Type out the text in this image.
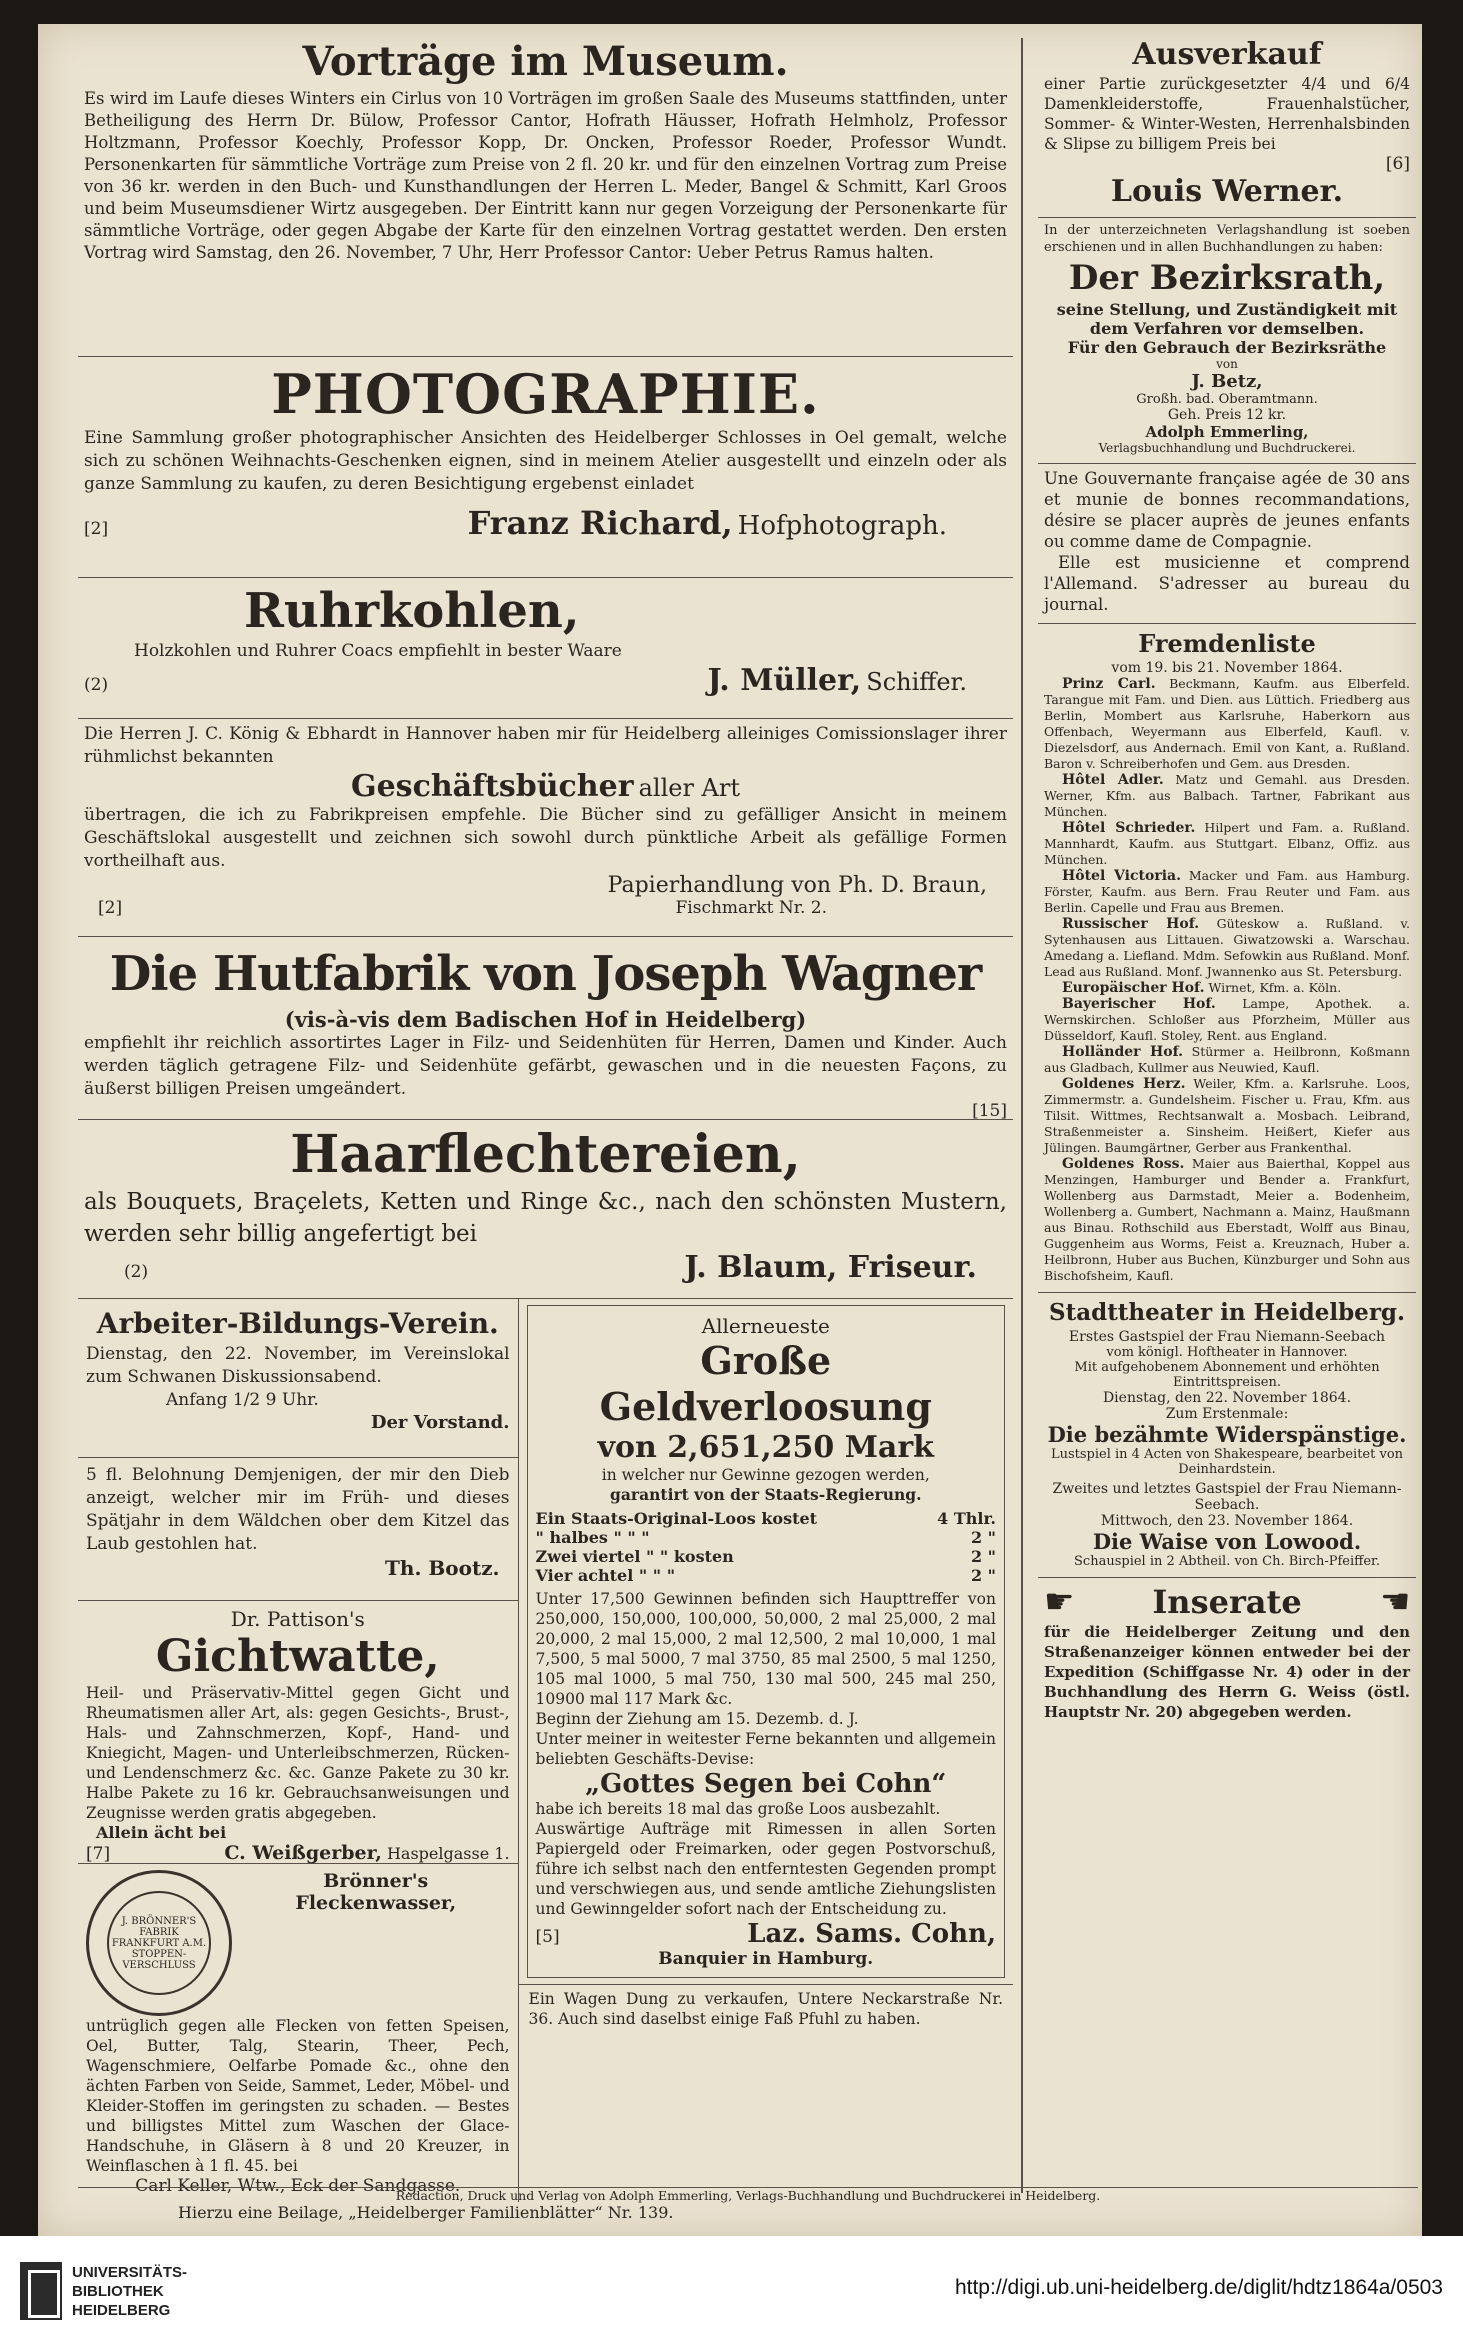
Vorträge im Museum.

Es wird im Laufe dieses Winters ein Cirlus von 10 Vorträgen im großen Saale des Museums stattfinden, unter Betheiligung des Herrn Dr. Bülow, Professor Cantor, Hofrath Häusser, Hofrath Helmholz, Professor Holtzmann, Professor Koechly, Professor Kopp, Dr. Oncken, Professor Roeder, Professor Wundt. Personenkarten für sämmtliche Vorträge zum Preise von 2 fl. 20 kr. und für den einzelnen Vortrag zum Preise von 36 kr. werden in den Buch- und Kunsthandlungen der Herren L. Meder, Bangel & Schmitt, Karl Groos und beim Museumsdiener Wirtz ausgegeben. Der Eintritt kann nur gegen Vorzeigung der Personenkarte für sämmtliche Vorträge, oder gegen Abgabe der Karte für den einzelnen Vortrag gestattet werden. Den ersten Vortrag wird Samstag, den 26. November, 7 Uhr, Herr Professor Cantor: Ueber Petrus Ramus halten.

PHOTOGRAPHIE.

Eine Sammlung großer photographischer Ansichten des Heidelberger Schlosses in Oel gemalt, welche sich zu schönen Weihnachts-Geschenken eignen, sind in meinem Atelier ausgestellt und einzeln oder als ganze Sammlung zu kaufen, zu deren Besichtigung ergebenst einladet

[2]	Franz Richard, Hofphotograph.
Ruhrkohlen,

Holzkohlen und Ruhrer Coacs empfiehlt in bester Waare

(2)	J. Müller, Schiffer.

Die Herren J. C. König & Ebhardt in Hannover haben mir für Heidelberg alleiniges Comissionslager ihrer rühmlichst bekannten

Geschäftsbücher aller Art

übertragen, die ich zu Fabrikpreisen empfehle. Die Bücher sind zu gefälliger Ansicht in meinem Geschäftslokal ausgestellt und zeichnen sich sowohl durch pünktliche Arbeit als gefällige Formen vortheilhaft aus.

Papierhandlung von Ph. D. Braun,
[2]	Fischmarkt Nr. 2.
Die Hutfabrik von Joseph Wagner
(vis-à-vis dem Badischen Hof in Heidelberg)

empfiehlt ihr reichlich assortirtes Lager in Filz- und Seidenhüten für Herren, Damen und Kinder. Auch werden täglich getragene Filz- und Seidenhüte gefärbt, gewaschen und in die neuesten Façons, zu äußerst billigen Preisen umgeändert.

[15]
Haarflechtereien,

als Bouquets, Braçelets, Ketten und Ringe &c., nach den schönsten Mustern, werden sehr billig angefertigt bei

(2)	J. Blaum, Friseur.
Arbeiter-Bildungs-Verein.

Dienstag, den 22. November, im Vereinslokal zum Schwanen Diskussionsabend.

Anfang 1/2 9 Uhr.
Der Vorstand.

5 fl. Belohnung Demjenigen, der mir den Dieb anzeigt, welcher mir im Früh- und dieses Spätjahr in dem Wäldchen ober dem Kitzel das Laub gestohlen hat.

Th. Bootz.
Dr. Pattison's
Gichtwatte,

Heil- und Präservativ-Mittel gegen Gicht und Rheumatismen aller Art, als: gegen Gesichts-, Brust-, Hals- und Zahnschmerzen, Kopf-, Hand- und Kniegicht, Magen- und Unterleibschmerzen, Rücken- und Lendenschmerz &c. &c. Ganze Pakete zu 30 kr. Halbe Pakete zu 16 kr. Gebrauchsanweisungen und Zeugnisse werden gratis abgegeben.

Allein ächt bei
[7]	C. Weißgerber, Haspelgasse 1.
J. BRÖNNER'S FABRIK FRANKFURT A.M. STOPPEN-VERSCHLUSS
Brönner's Fleckenwasser,

untrüglich gegen alle Flecken von fetten Speisen, Oel, Butter, Talg, Stearin, Theer, Pech, Wagenschmiere, Oelfarbe Pomade &c., ohne den ächten Farben von Seide, Sammet, Leder, Möbel- und Kleider-Stoffen im geringsten zu schaden. — Bestes und billigstes Mittel zum Waschen der Glace-Handschuhe, in Gläsern à 8 und 20 Kreuzer, in Weinflaschen à 1 fl. 45. bei

Carl Keller, Wtw., Eck der Sandgasse.
Allerneueste
Große Geldverloosung
von 2,651,250 Mark
in welcher nur Gewinne gezogen werden,
garantirt von der Staats-Regierung.
Ein Staats-Original-Loos kostet	4 Thlr.
" halbes " " "	2 "
Zwei viertel " " kosten	2 "
Vier achtel " " "	2 "

Unter 17,500 Gewinnen befinden sich Haupttreffer von 250,000, 150,000, 100,000, 50,000, 2 mal 25,000, 2 mal 20,000, 2 mal 15,000, 2 mal 12,500, 2 mal 10,000, 1 mal 7,500, 5 mal 5000, 7 mal 3750, 85 mal 2500, 5 mal 1250, 105 mal 1000, 5 mal 750, 130 mal 500, 245 mal 250, 10900 mal 117 Mark &c.

Beginn der Ziehung am 15. Dezemb. d. J.

Unter meiner in weitester Ferne bekannten und allgemein beliebten Geschäfts-Devise:

„Gottes Segen bei Cohn“

habe ich bereits 18 mal das große Loos ausbezahlt.

Auswärtige Aufträge mit Rimessen in allen Sorten Papiergeld oder Freimarken, oder gegen Postvorschuß, führe ich selbst nach den entferntesten Gegenden prompt und verschwiegen aus, und sende amtliche Ziehungslisten und Gewinngelder sofort nach der Entscheidung zu.

[5]	Laz. Sams. Cohn,
Banquier in Hamburg.

Ein Wagen Dung zu verkaufen, Untere Neckarstraße Nr. 36. Auch sind daselbst einige Faß Pfuhl zu haben.

Ausverkauf

einer Partie zurückgesetzter 4/4 und 6/4 Damenkleiderstoffe, Frauenhalstücher, Sommer- & Winter-Westen, Herrenhalsbinden & Slipse zu billigem Preis bei

[6]
Louis Werner.

In der unterzeichneten Verlagshandlung ist soeben erschienen und in allen Buchhandlungen zu haben:

Der Bezirksrath,
seine Stellung, und Zuständigkeit mit dem Verfahren vor demselben.
Für den Gebrauch der Bezirksräthe
von
J. Betz,
Großh. bad. Oberamtmann.
Geh. Preis 12 kr.
Adolph Emmerling,
Verlagsbuchhandlung und Buchdruckerei.

Une Gouvernante française agée de 30 ans et munie de bonnes recommandations, désire se placer auprès de jeunes enfants ou comme dame de Compagnie.

Elle est musicienne et comprend l'Allemand. S'adresser au bureau du journal.

Fremdenliste
vom 19. bis 21. November 1864.

Prinz Carl. Beckmann, Kaufm. aus Elberfeld. Tarangue mit Fam. und Dien. aus Lüttich. Friedberg aus Berlin, Mombert aus Karlsruhe, Haberkorn aus Offenbach, Weyermann aus Elberfeld, Kaufl. v. Diezelsdorf, aus Andernach. Emil von Kant, a. Rußland. Baron v. Schreiberhofen und Gem. aus Dresden.

Hôtel Adler. Matz und Gemahl. aus Dresden. Werner, Kfm. aus Balbach. Tartner, Fabrikant aus München.

Hôtel Schrieder. Hilpert und Fam. a. Rußland. Mannhardt, Kaufm. aus Stuttgart. Elbanz, Offiz. aus München.

Hôtel Victoria. Macker und Fam. aus Hamburg. Förster, Kaufm. aus Bern. Frau Reuter und Fam. aus Berlin. Capelle und Frau aus Bremen.

Russischer Hof. Güteskow a. Rußland. v. Sytenhausen aus Littauen. Giwatzowski a. Warschau. Amedang a. Liefland. Mdm. Sefowkin aus Rußland. Monf. Lead aus Rußland. Monf. Jwannenko aus St. Petersburg.

Europäischer Hof. Wirnet, Kfm. a. Köln.

Bayerischer Hof. Lampe, Apothek. a. Wernskirchen. Schloßer aus Pforzheim, Müller aus Düsseldorf, Kaufl. Stoley, Rent. aus England.

Holländer Hof. Stürmer a. Heilbronn, Koßmann aus Gladbach, Kullmer aus Neuwied, Kaufl.

Goldenes Herz. Weiler, Kfm. a. Karlsruhe. Loos, Zimmermstr. a. Gundelsheim. Fischer u. Frau, Kfm. aus Tilsit. Wittmes, Rechtsanwalt a. Mosbach. Leibrand, Straßenmeister a. Sinsheim. Heißert, Kiefer aus Jülingen. Baumgärtner, Gerber aus Frankenthal.

Goldenes Ross. Maier aus Baierthal, Koppel aus Menzingen, Hamburger und Bender a. Frankfurt, Wollenberg aus Darmstadt, Meier a. Bodenheim, Wollenberg a. Gumbert, Nachmann a. Mainz, Haußmann aus Binau. Rothschild aus Eberstadt, Wolff aus Binau, Guggenheim aus Worms, Feist a. Kreuznach, Huber a. Heilbronn, Huber aus Buchen, Künzburger und Sohn aus Bischofsheim, Kaufl.

Stadttheater in Heidelberg.
Erstes Gastspiel der Frau Niemann-Seebach
vom königl. Hoftheater in Hannover.
Mit aufgehobenem Abonnement und erhöhten Eintrittspreisen.
Dienstag, den 22. November 1864.
Zum Erstenmale:
Die bezähmte Widerspänstige.
Lustspiel in 4 Acten von Shakespeare, bearbeitet von Deinhardstein.
Zweites und letztes Gastspiel der Frau Niemann-Seebach.
Mittwoch, den 23. November 1864.
Die Waise von Lowood.
Schauspiel in 2 Abtheil. von Ch. Birch-Pfeiffer.
☛ Inserate ☛

für die Heidelberger Zeitung und den Straßenanzeiger können entweder bei der Expedition (Schiffgasse Nr. 4) oder in der Buchhandlung des Herrn G. Weiss (östl. Hauptstr Nr. 20) abgegeben werden.

Redaction, Druck und Verlag von Adolph Emmerling, Verlags-Buchhandlung und Buchdruckerei in Heidelberg.
Hierzu eine Beilage, „Heidelberger Familienblätter“ Nr. 139.
UNIVERSITÄTS-
BIBLIOTHEK
HEIDELBERG
http://digi.ub.uni-heidelberg.de/diglit/hdtz1864a/0503
